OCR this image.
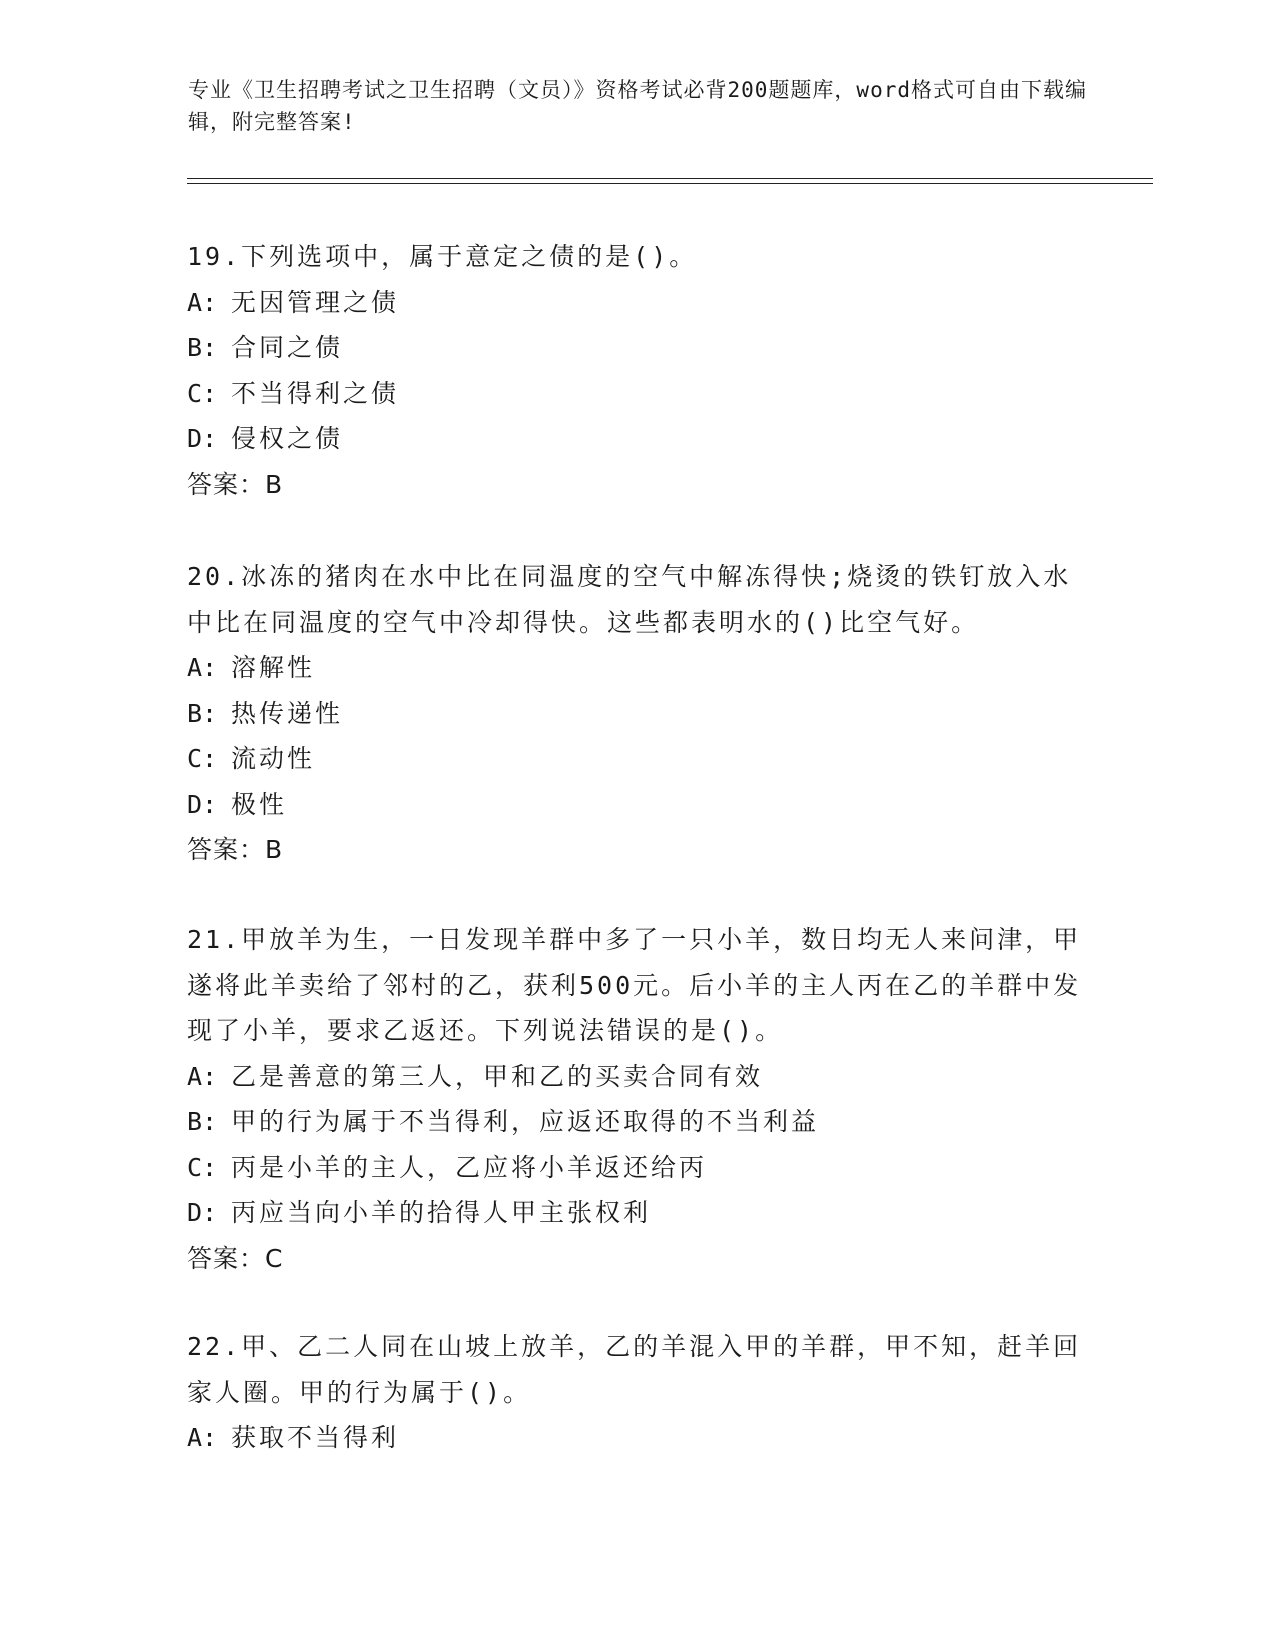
专业《卫生招聘考试之卫生招聘（文员）》资格考试必背200题题库，word格式可自由下载编辑，附完整答案!

19.下列选项中，属于意定之债的是()。

A: 无因管理之债
B: 合同之债
C: 不当得利之债
D: 侵权之债
答案：B

20.冰冻的猪肉在水中比在同温度的空气中解冻得快;烧烫的铁钉放入水中比在同温度的空气中冷却得快。这些都表明水的()比空气好。

A: 溶解性
B: 热传递性
C: 流动性
D: 极性
答案：B

21.甲放羊为生，一日发现羊群中多了一只小羊，数日均无人来问津，甲遂将此羊卖给了邻村的乙，获利500元。后小羊的主人丙在乙的羊群中发现了小羊，要求乙返还。下列说法错误的是()。

A: 乙是善意的第三人，甲和乙的买卖合同有效
B: 甲的行为属于不当得利，应返还取得的不当利益
C: 丙是小羊的主人，乙应将小羊返还给丙
D: 丙应当向小羊的拾得人甲主张权利
答案：C

22.甲、乙二人同在山坡上放羊，乙的羊混入甲的羊群，甲不知，赶羊回家人圈。甲的行为属于()。

A: 获取不当得利
